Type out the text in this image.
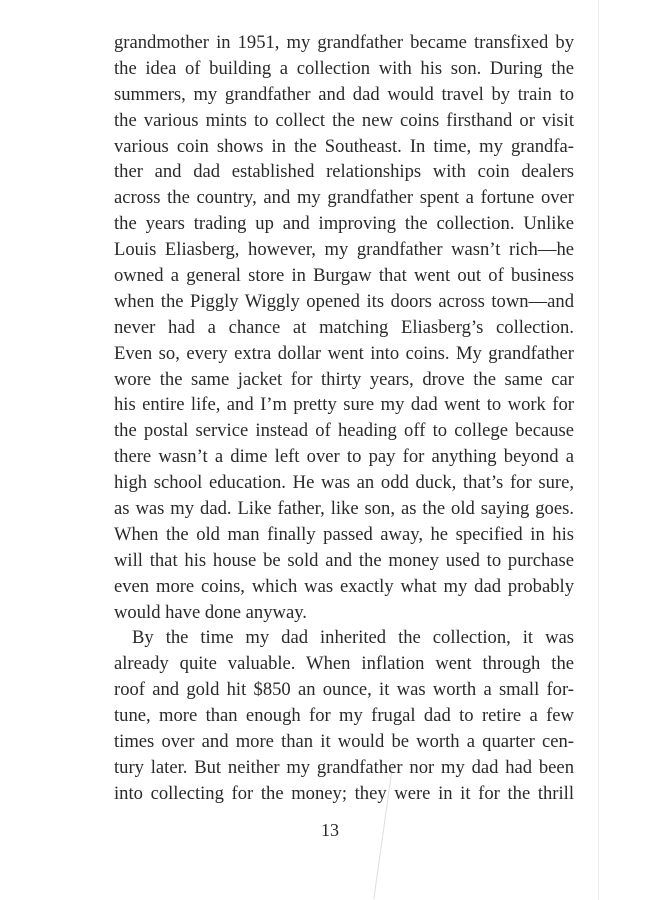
grandmother in 1951, my grandfather became transfixed by
the idea of building a collection with his son. During the
summers, my grandfather and dad would travel by train to
the various mints to collect the new coins firsthand or visit
various coin shows in the Southeast. In time, my grandfa-
ther and dad established relationships with coin dealers
across the country, and my grandfather spent a fortune over
the years trading up and improving the collection. Unlike
Louis Eliasberg, however, my grandfather wasn’t rich—he
owned a general store in Burgaw that went out of business
when the Piggly Wiggly opened its doors across town—and
never had a chance at matching Eliasberg’s collection.
Even so, every extra dollar went into coins. My grandfather
wore the same jacket for thirty years, drove the same car
his entire life, and I’m pretty sure my dad went to work for
the postal service instead of heading off to college because
there wasn’t a dime left over to pay for anything beyond a
high school education. He was an odd duck, that’s for sure,
as was my dad. Like father, like son, as the old saying goes.
When the old man finally passed away, he specified in his
will that his house be sold and the money used to purchase
even more coins, which was exactly what my dad probably
would have done anyway.
By the time my dad inherited the collection, it was
already quite valuable. When inflation went through the
roof and gold hit $850 an ounce, it was worth a small for-
tune, more than enough for my frugal dad to retire a few
times over and more than it would be worth a quarter cen-
tury later. But neither my grandfather nor my dad had been
into collecting for the money; they were in it for the thrill
13
